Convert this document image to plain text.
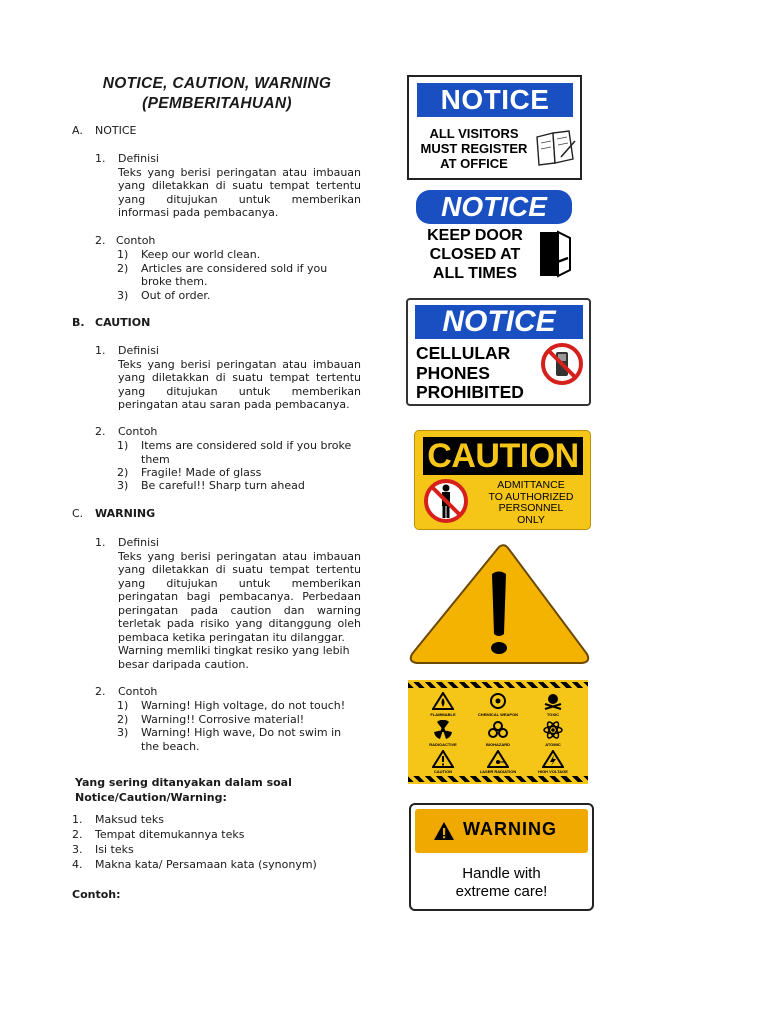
NOTICE, CAUTION, WARNING
(PEMBERITAHUAN)
A. NOTICE
1. Definisi
Teks yang berisi peringatan atau imbauan yang diletakkan di suatu tempat tertentu yang ditujukan untuk memberikan informasi pada pembacanya.
2. Contoh
1) Keep our world clean.
2) Articles are considered sold if you broke them.
3) Out of order.
B. CAUTION
1. Definisi
Teks yang berisi peringatan atau imbauan yang diletakkan di suatu tempat tertentu yang ditujukan untuk memberikan peringatan atau saran pada pembacanya.
2. Contoh
1) Items are considered sold if you broke them
2) Fragile! Made of glass
3) Be careful!! Sharp turn ahead
C. WARNING
1. Definisi
Teks yang berisi peringatan atau imbauan yang diletakkan di suatu tempat tertentu yang ditujukan untuk memberikan peringatan bagi pembacanya. Perbedaan peringatan pada caution dan warning terletak pada risiko yang ditanggung oleh pembaca ketika peringatan itu dilanggar.
Warning memliki tingkat resiko yang lebih besar daripada caution.
2. Contoh
1) Warning! High voltage, do not touch!
2) Warning!! Corrosive material!
3) Warning! High wave, Do not swim in the beach.
Yang sering ditanyakan dalam soal
Notice/Caution/Warning:
1. Maksud teks
2. Tempat ditemukannya teks
3. Isi teks
4. Makna kata/ Persamaan kata (synonym)
Contoh:
NOTICE
ALL VISITORS
MUST REGISTER
AT OFFICE
NOTICE
KEEP DOOR
CLOSED AT
ALL TIMES
NOTICE
CELLULAR
PHONES
PROHIBITED
CAUTION
ADMITTANCE
TO AUTHORIZED
PERSONNEL
ONLY
FLAMMABLE	CHEMICAL WEAPON	TOXIC
RADIOACTIVE	BIOHAZARD	ATOMIC
CAUTION	LASER RADIATION	HIGH VOLTAGE
WARNING
Handle with
extreme care!
